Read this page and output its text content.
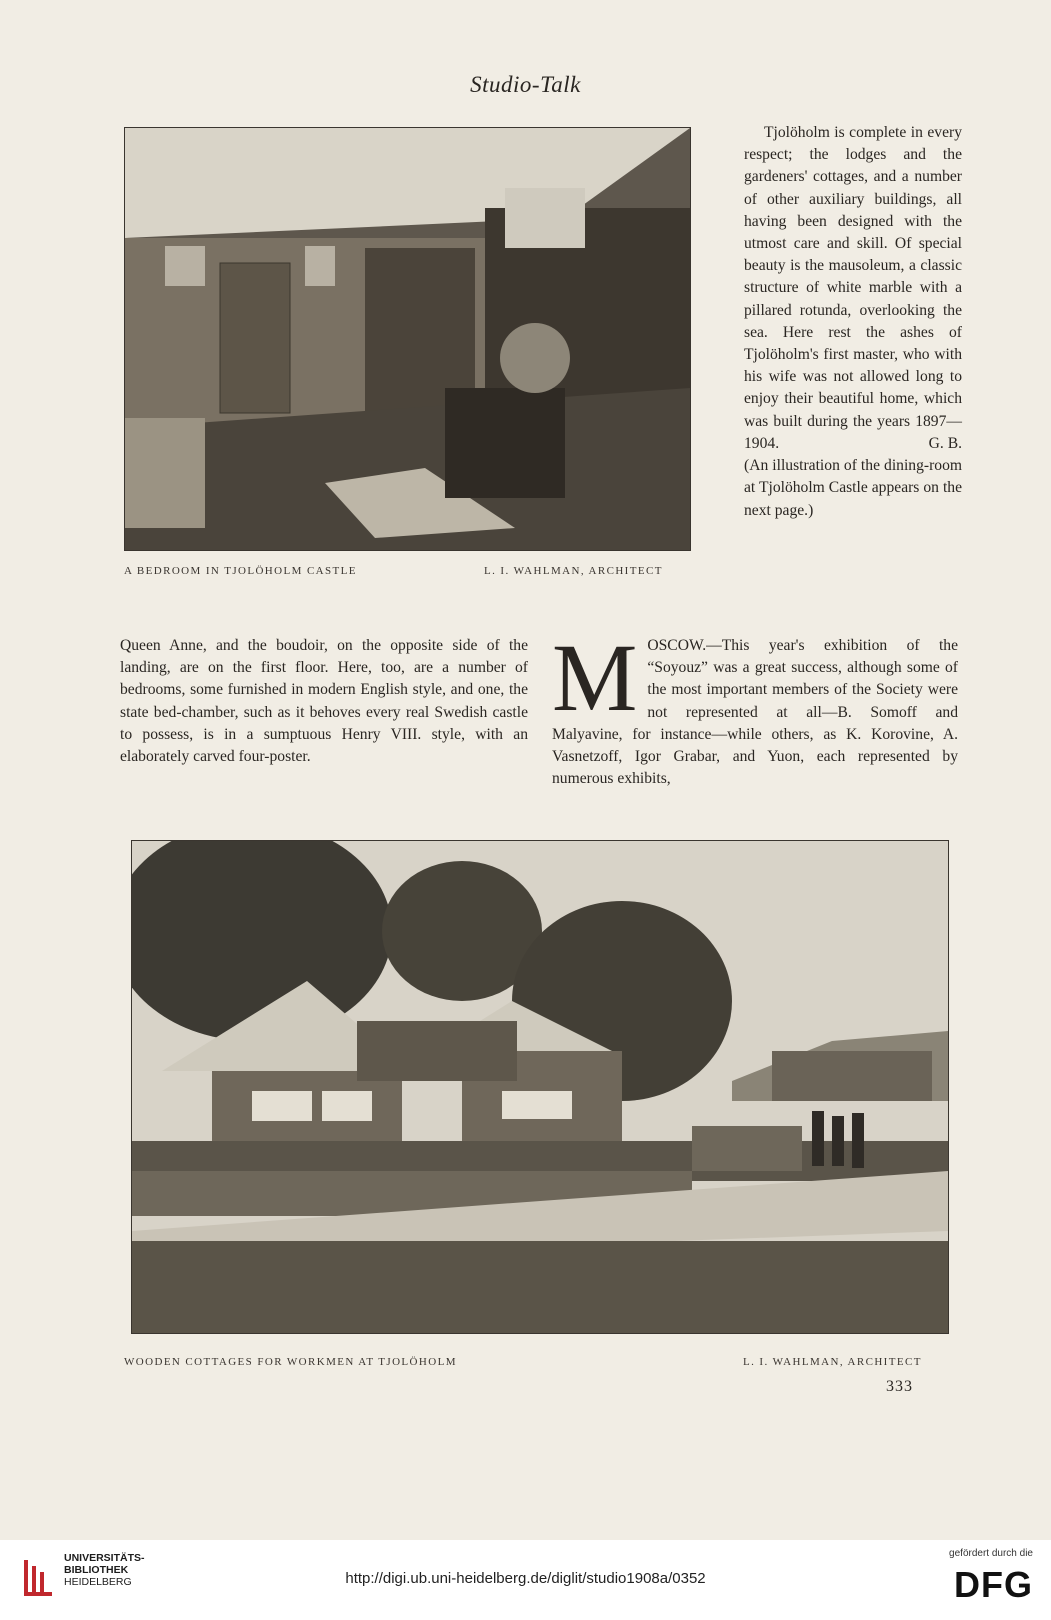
Studio-Talk
A BEDROOM IN TJOLÖHOLM CASTLE	L. I. WAHLMAN, ARCHITECT

Tjolöholm is complete in every respect; the lodges and the gardeners' cottages, and a number of other auxiliary buildings, all having been designed with the utmost care and skill. Of special beauty is the mausoleum, a classic structure of white marble with a pillared rotunda, overlooking the sea. Here rest the ashes of Tjolöholm's first master, who with his wife was not allowed long to enjoy their beautiful home, which was built during the years 1897—1904.	G. B.

(An illustration of the dining-room at Tjolöholm Castle appears on the next page.)

Queen Anne, and the boudoir, on the opposite side of the landing, are on the first floor. Here, too, are a number of bedrooms, some furnished in modern English style, and one, the state bed-chamber, such as it behoves every real Swedish castle to possess, is in a sumptuous Henry VIII. style, with an elaborately carved four-poster.

MOSCOW.—This year's exhibition of the “Soyouz” was a great success, although some of the most important members of the Society were not represented at all—B. Somoff and Malyavine, for instance—while others, as K. Korovine, A. Vasnetzoff, Igor Grabar, and Yuon, each represented by numerous exhibits,

WOODEN COTTAGES FOR WORKMEN AT TJOLÖHOLM	L. I. WAHLMAN, ARCHITECT
333
UNIVERSITÄTS-
BIBLIOTHEK
HEIDELBERG	http://digi.ub.uni-heidelberg.de/diglit/studio1908a/0352
gefördert durch die
DFG
